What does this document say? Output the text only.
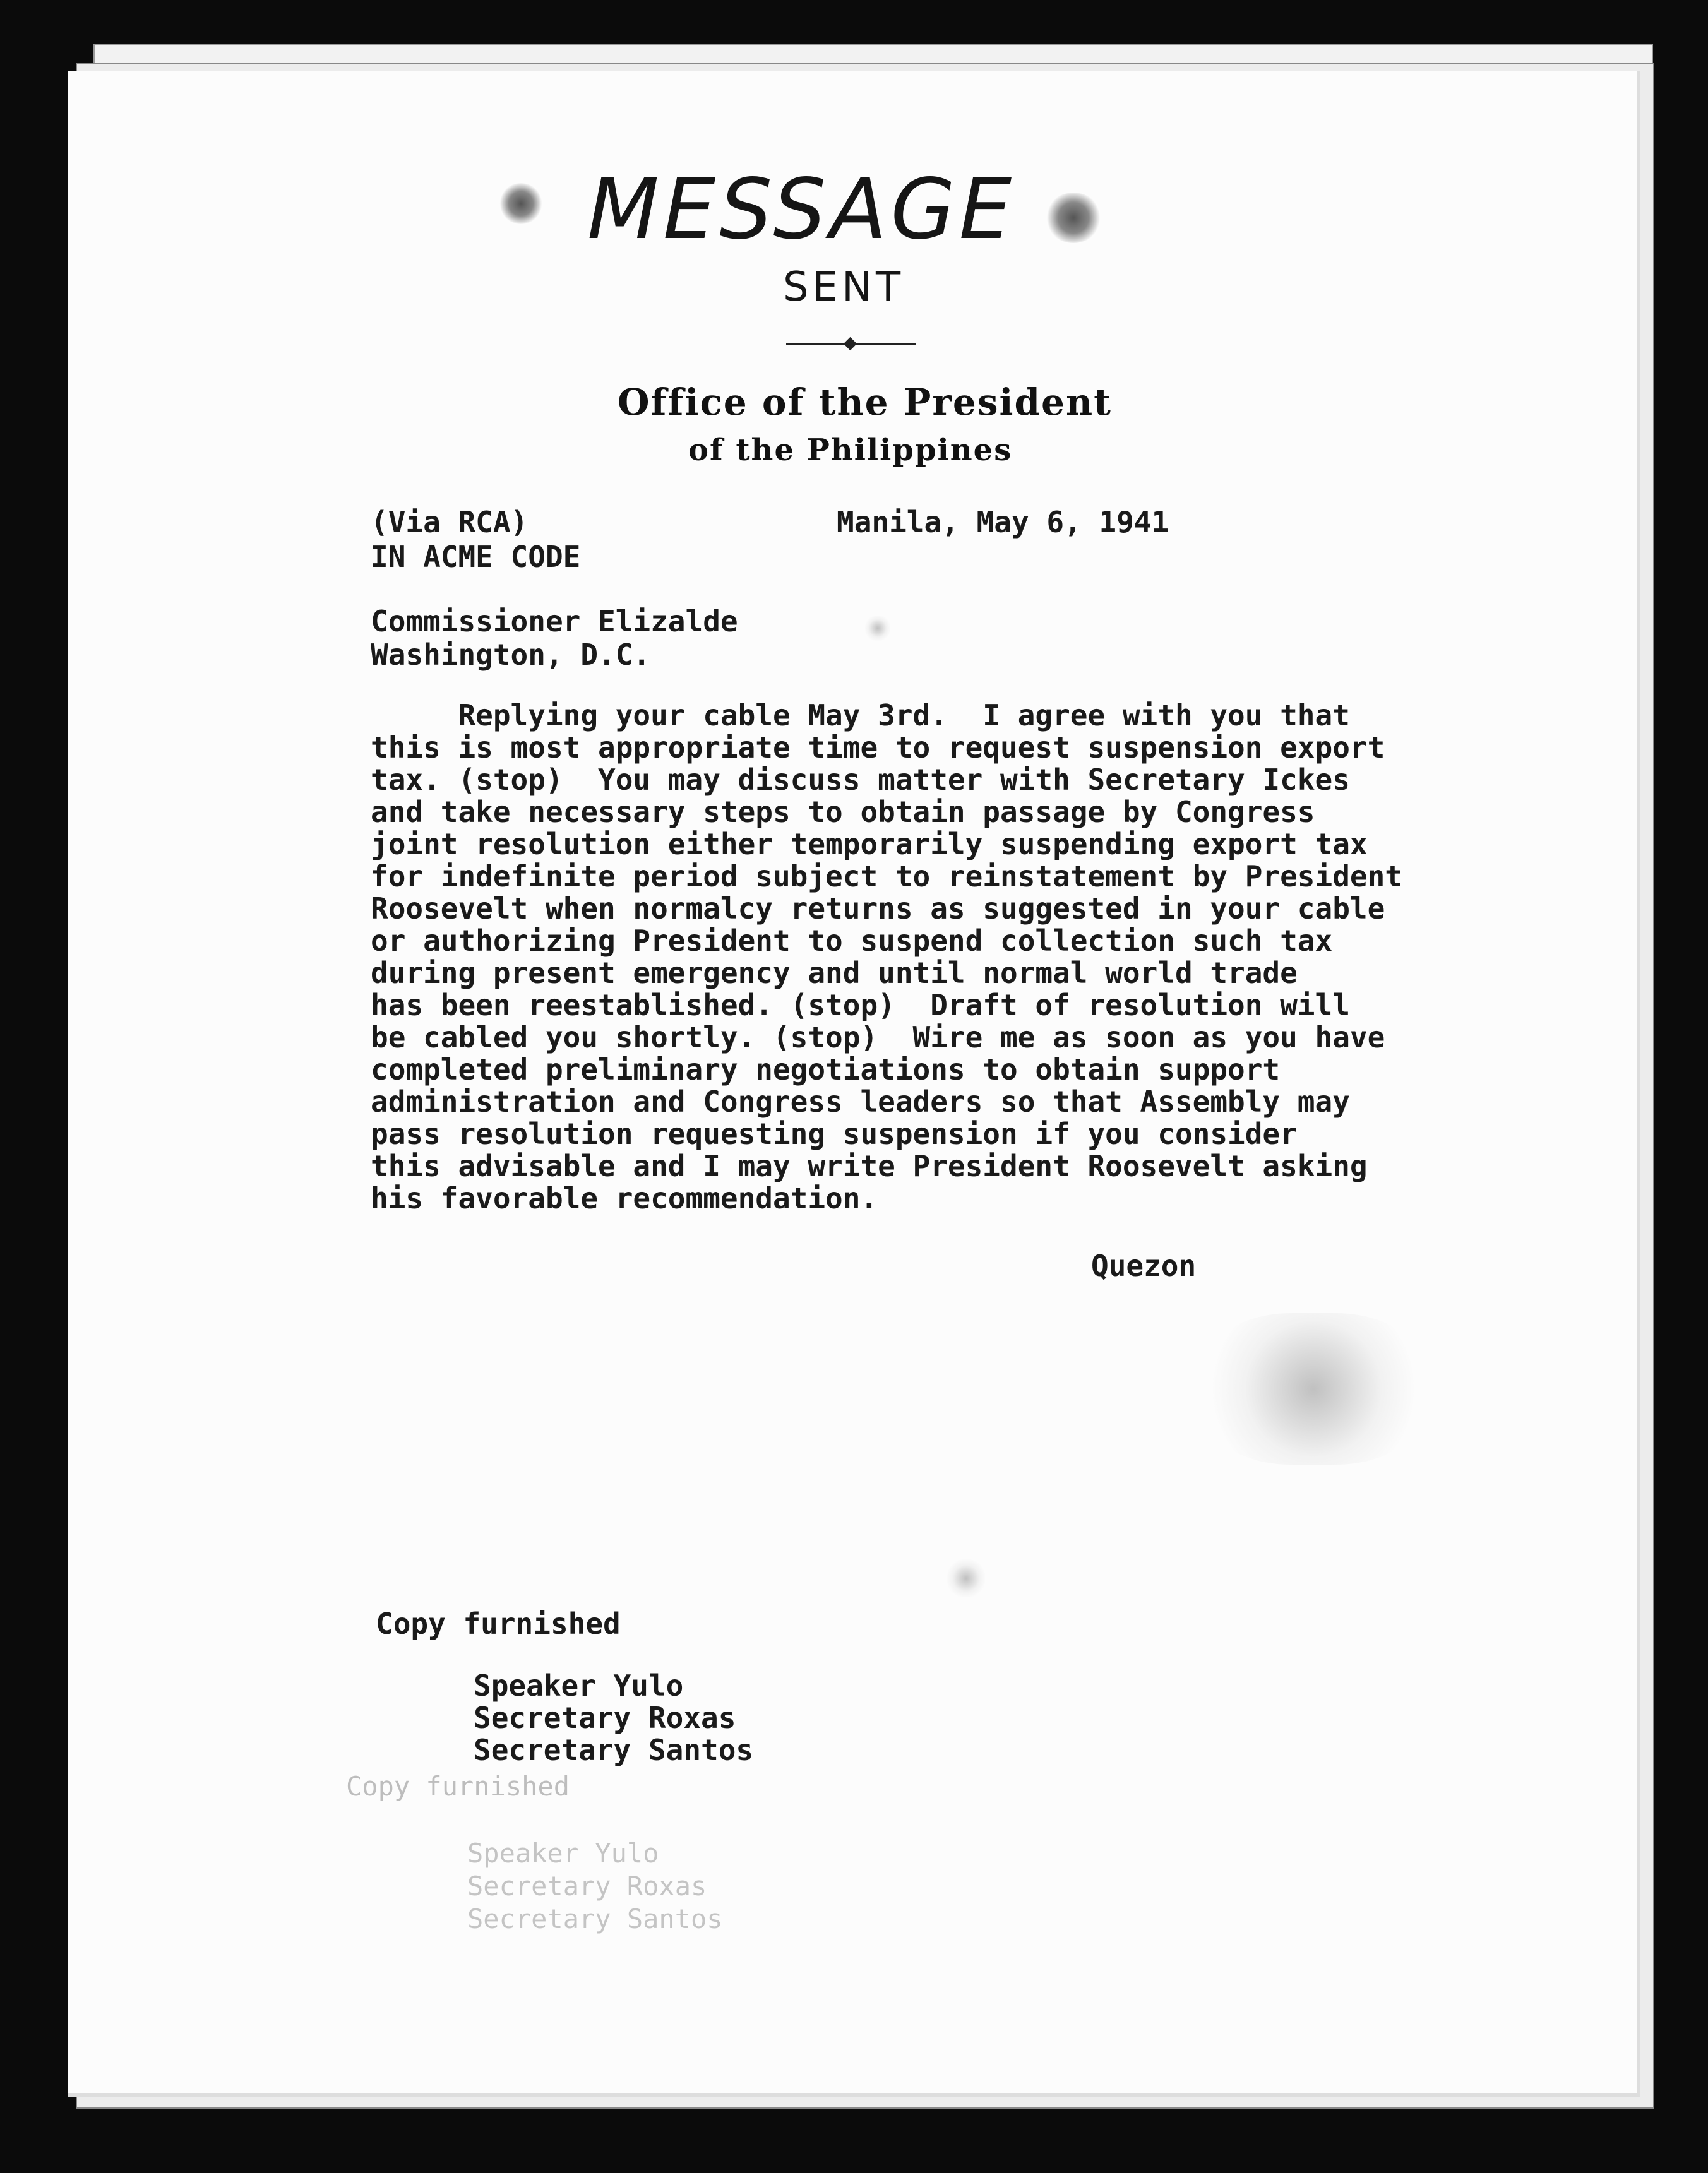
MESSAGE
SENT
Office of the President
of the Philippines
(Via RCA)	Manila, May 6, 1941
IN ACME CODE
Commissioner Elizalde
Washington, D.C.
Replying your cable May 3rd.  I agree with you that
this is most appropriate time to request suspension export
tax. (stop)  You may discuss matter with Secretary Ickes
and take necessary steps to obtain passage by Congress
joint resolution either temporarily suspending export tax
for indefinite period subject to reinstatement by President
Roosevelt when normalcy returns as suggested in your cable
or authorizing President to suspend collection such tax
during present emergency and until normal world trade
has been reestablished. (stop)  Draft of resolution will
be cabled you shortly. (stop)  Wire me as soon as you have
completed preliminary negotiations to obtain support
administration and Congress leaders so that Assembly may
pass resolution requesting suspension if you consider
this advisable and I may write President Roosevelt asking
his favorable recommendation.
Quezon
Copy furnished
Speaker Yulo
Secretary Roxas
Secretary Santos
Copy furnished
Speaker Yulo
Secretary Roxas
Secretary Santos
